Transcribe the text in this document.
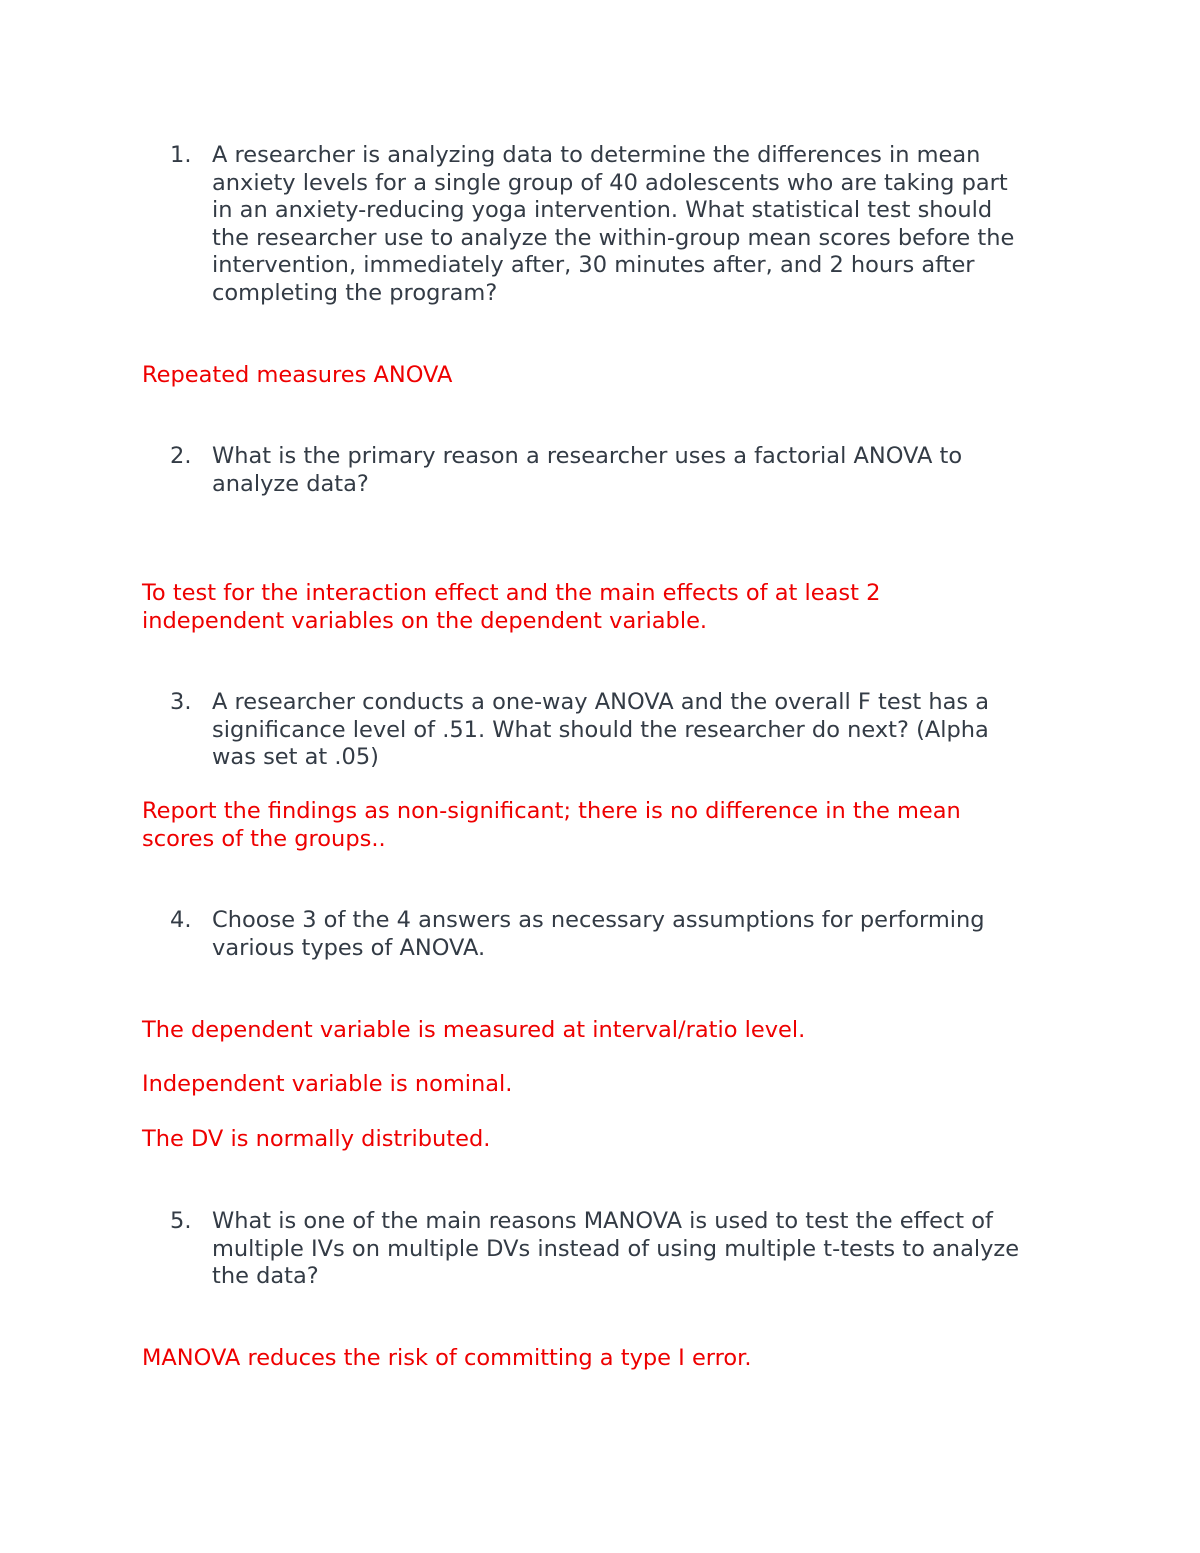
1. A researcher is analyzing data to determine the differences in mean
anxiety levels for a single group of 40 adolescents who are taking part
in an anxiety-reducing yoga intervention. What statistical test should
the researcher use to analyze the within-group mean scores before the
intervention, immediately after, 30 minutes after, and 2 hours after
completing the program?
Repeated measures ANOVA
2. What is the primary reason a researcher uses a factorial ANOVA to
analyze data?
To test for the interaction effect and the main effects of at least 2
independent variables on the dependent variable.
3. A researcher conducts a one-way ANOVA and the overall F test has a
significance level of .51. What should the researcher do next? (Alpha
was set at .05)
Report the findings as non-significant; there is no difference in the mean
scores of the groups..
4. Choose 3 of the 4 answers as necessary assumptions for performing
various types of ANOVA.
The dependent variable is measured at interval/ratio level.
Independent variable is nominal.
The DV is normally distributed.
5. What is one of the main reasons MANOVA is used to test the effect of
multiple IVs on multiple DVs instead of using multiple t-tests to analyze
the data?
MANOVA reduces the risk of committing a type I error.
